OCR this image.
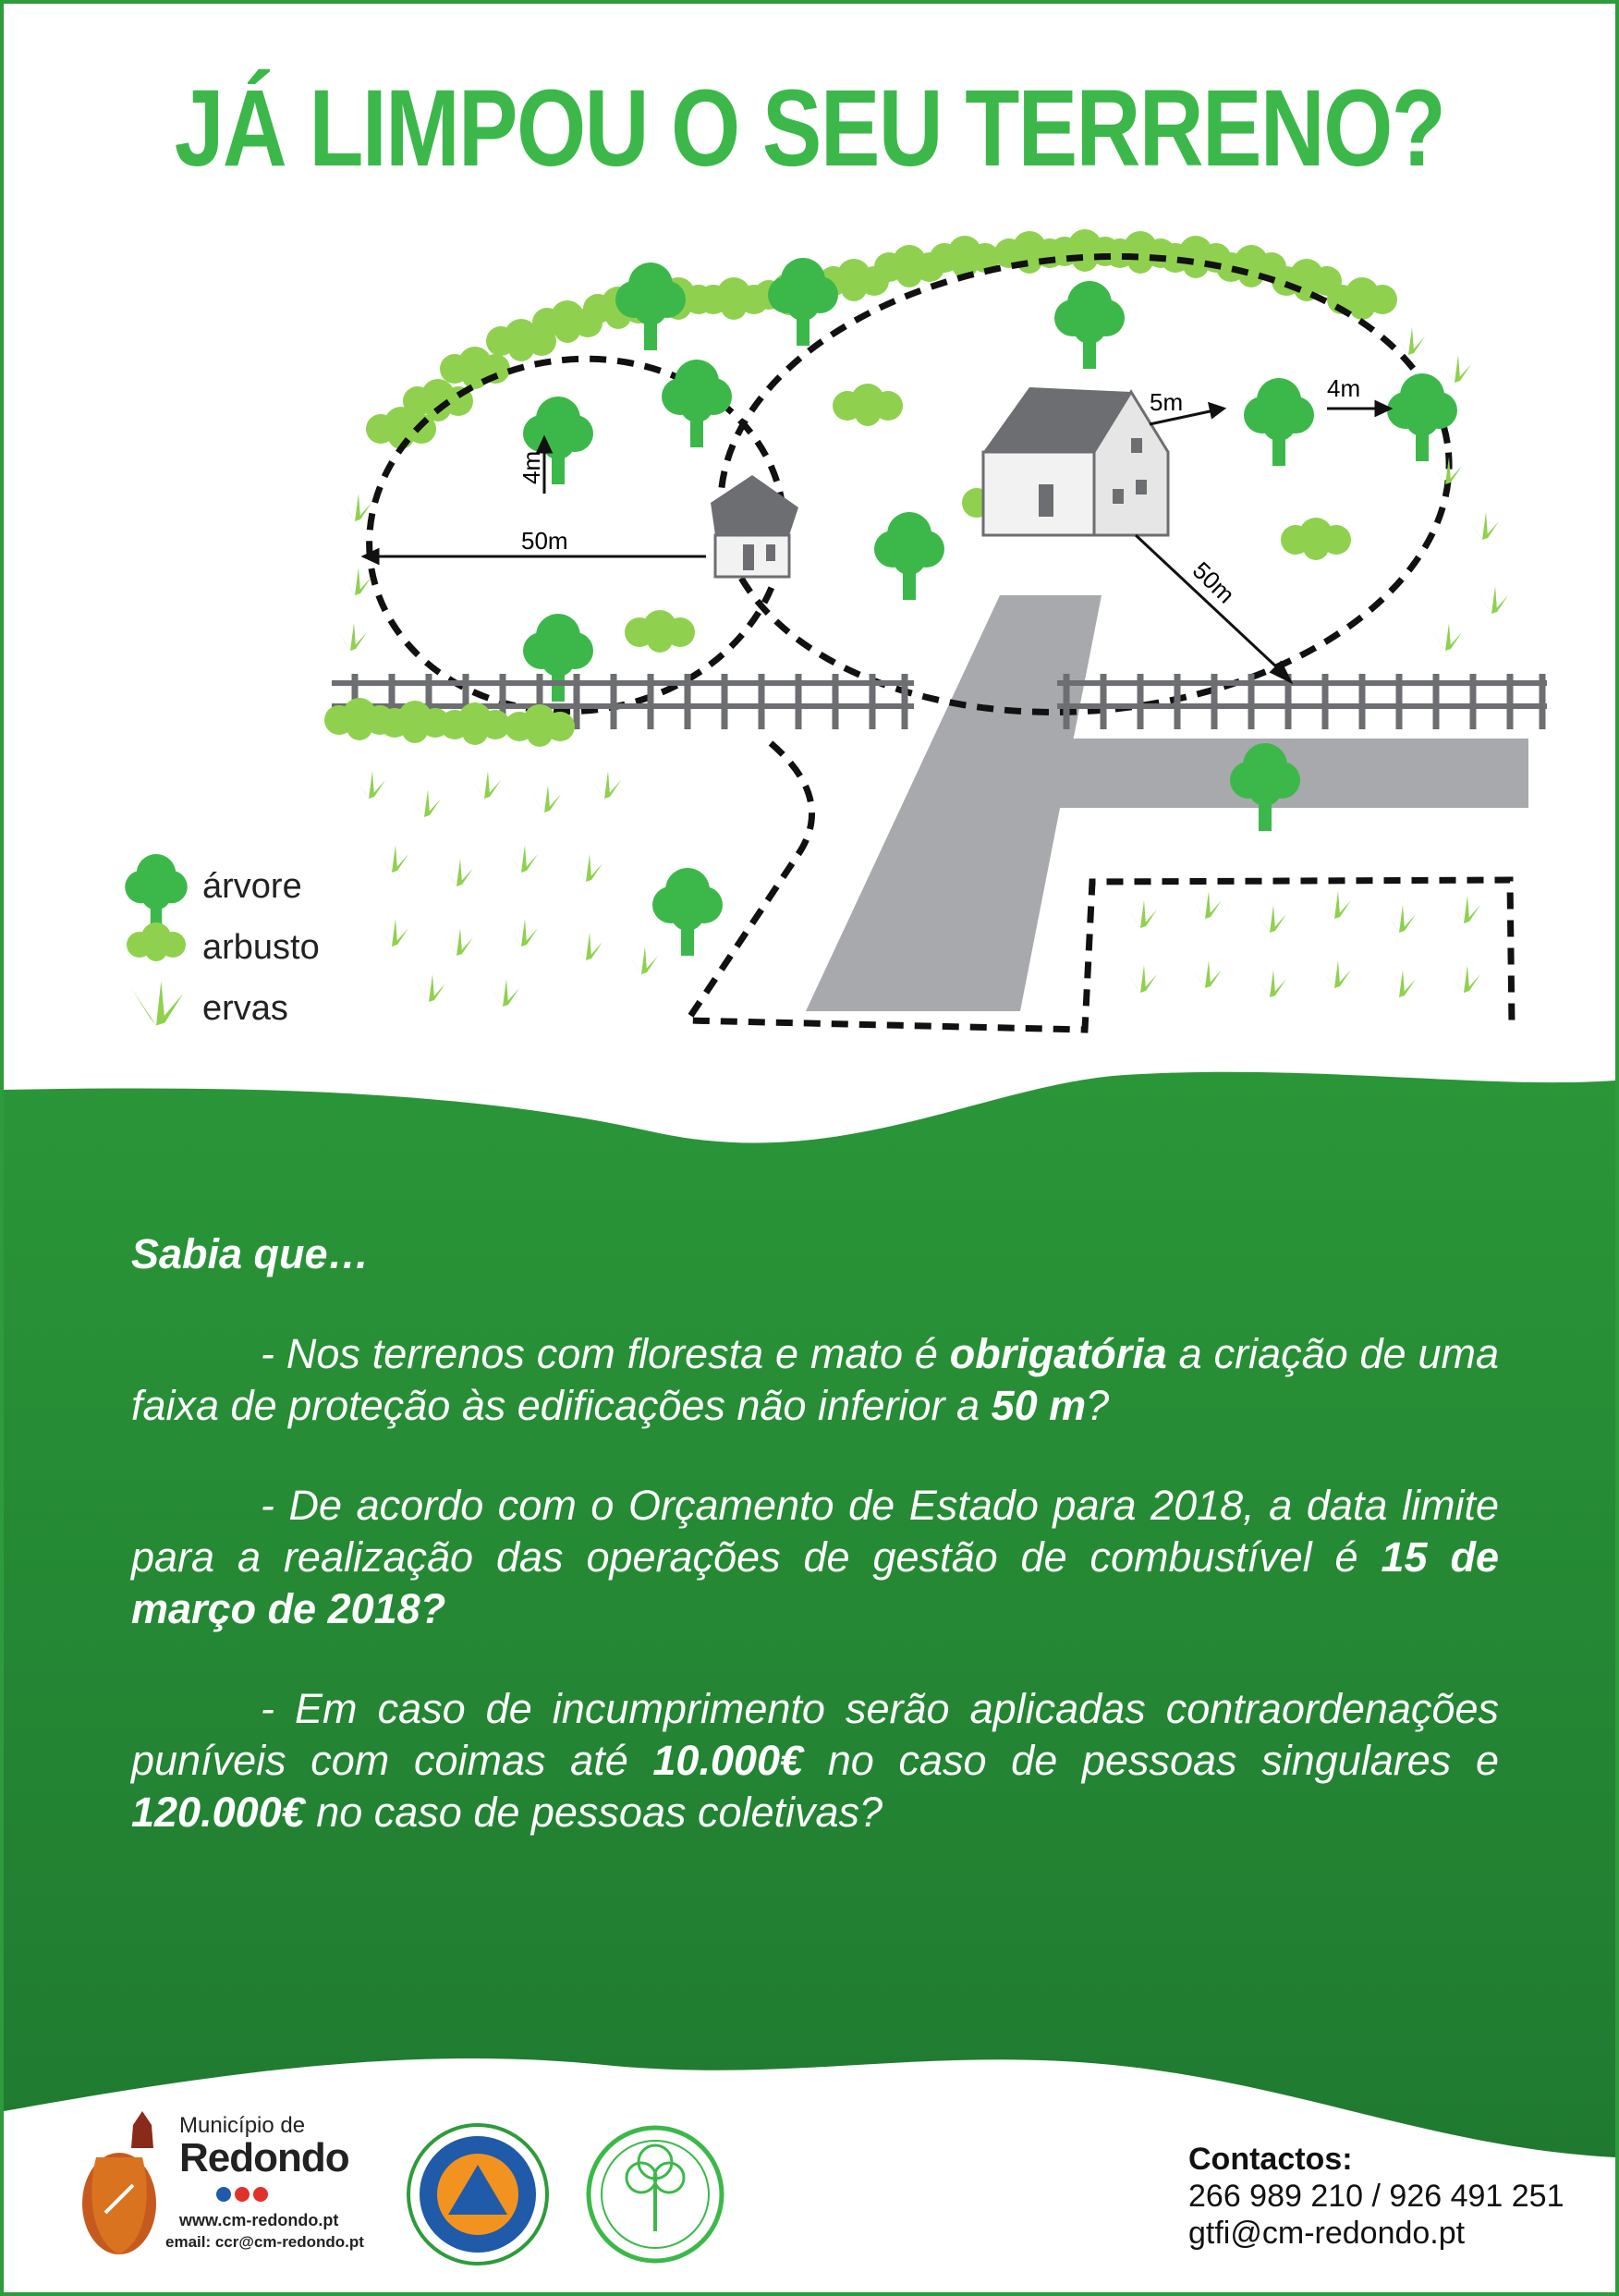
JÁ LIMPOU O SEU TERRENO?
4m
50m
5m	4m
50m
árvore
arbusto
ervas

Sabia que…

- Nos terrenos com floresta e mato é obrigatória a criação de uma faixa de proteção às edificações não inferior a 50 m?

- De acordo com o Orçamento de Estado para 2018, a data limite para a realização das operações de gestão de combustível é 15 de março de 2018?

- Em caso de incumprimento serão aplicadas contraordenações puníveis com coimas até 10.000€ no caso de pessoas singulares e 120.000€ no caso de pessoas coletivas?

Município de
Redondo
www.cm-redondo.pt
email: ccr@cm-redondo.pt
Contactos:
266 989 210 / 926 491 251
gtfi@cm-redondo.pt
